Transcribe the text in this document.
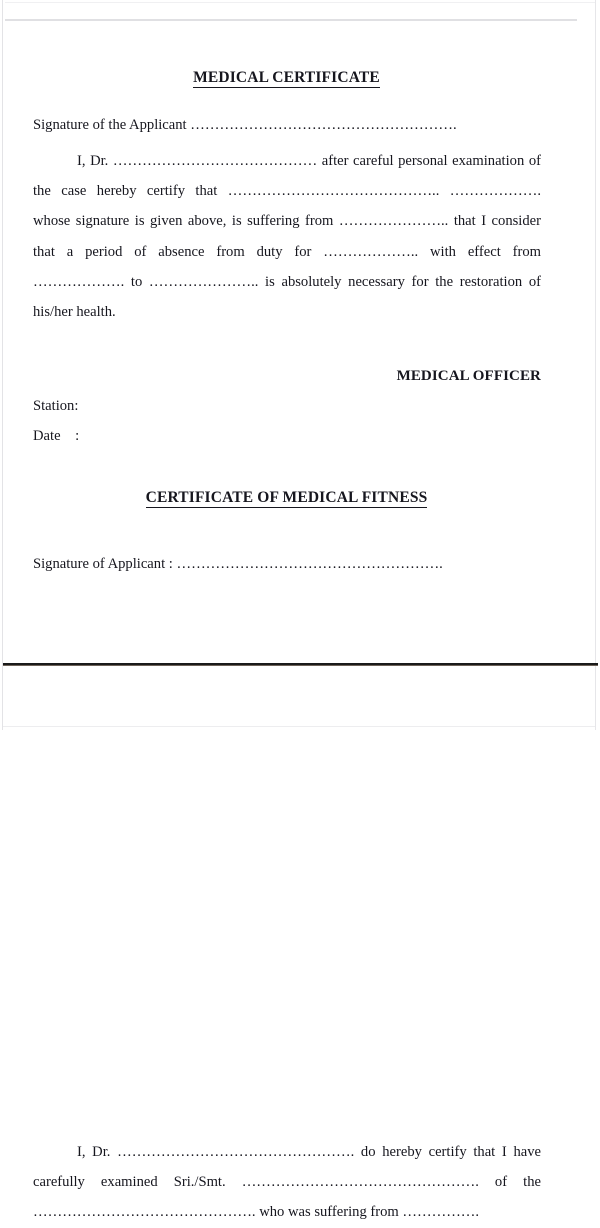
MEDICAL CERTIFICATE
Signature of the Applicant ……………………………………………….
I, Dr. …………………………………… after careful personal examination of the case hereby certify that …………………………………….. ………………. whose signature is given above, is suffering from ………………….. that I consider that a period of absence from duty for ……………….. with effect from ………………. to ………………….. is absolutely necessary for the restoration of his/her health.
MEDICAL OFFICER
Station:
Date    :
CERTIFICATE OF MEDICAL FITNESS
Signature of Applicant : ……………………………………………….
I, Dr. …………………………………………. do hereby certify that I have carefully examined Sri./Smt. …………………………………………. of the ………………………………………. who was suffering from …………….
